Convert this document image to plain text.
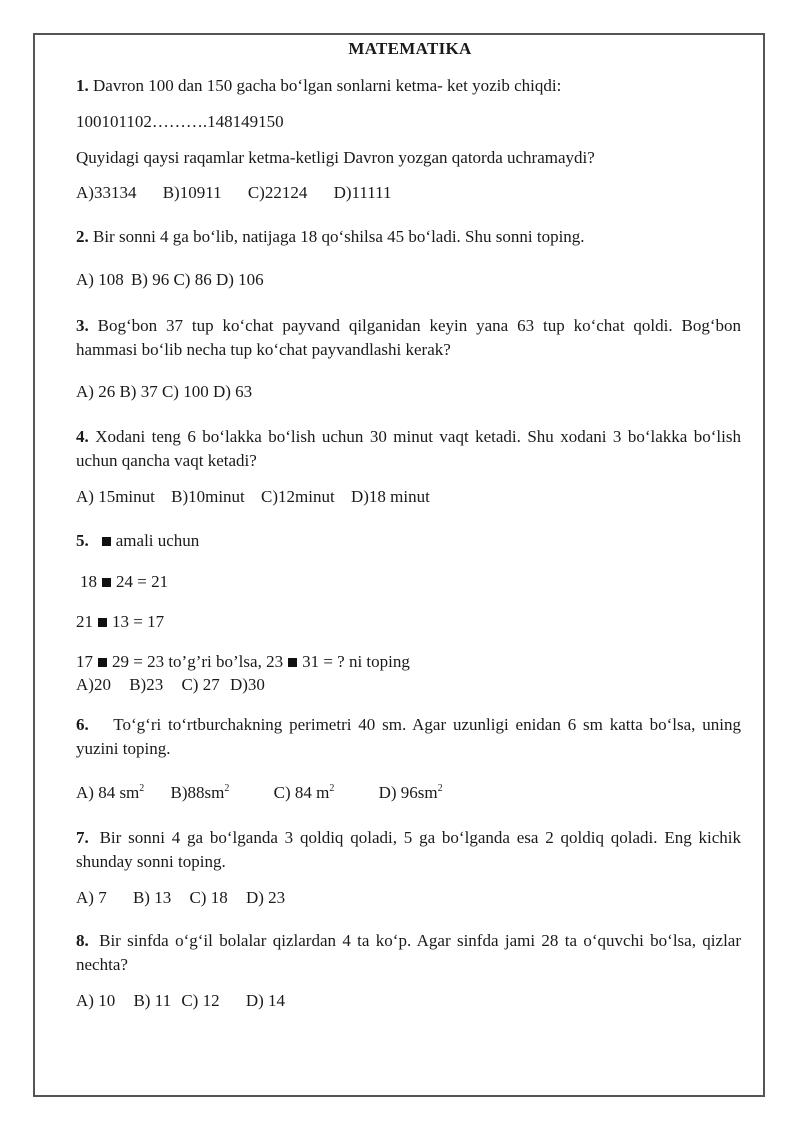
MATEMATIKA
1. Davron 100 dan 150 gacha bo‘lgan sonlarni ketma- ket yozib chiqdi:
100101102……….148149150
Quyidagi qaysi raqamlar ketma-ketligi Davron yozgan qatorda uchramaydi?
A)33134 B)10911 C)22124 D)11111
2. Bir sonni 4 ga bo‘lib, natijaga 18 qo‘shilsa 45 bo‘ladi. Shu sonni toping.
A) 108 B) 96 C) 86 D) 106
3. Bog‘bon 37 tup ko‘chat payvand qilganidan keyin yana 63 tup ko‘chat qoldi. Bog‘bon hammasi bo‘lib necha tup ko‘chat payvandlashi kerak?
A) 26 B) 37 C) 100 D) 63
4. Xodani teng 6 bo‘lakka bo‘lish uchun 30 minut vaqt ketadi. Shu xodani 3 bo‘lakka bo‘lish uchun qancha vaqt ketadi?
A) 15minut B)10minut C)12minut D)18 minut
5. amali uchun
18 24 = 21
21 13 = 17
17 29 = 23 to’g’ri bo’lsa, 23 31 = ? ni toping
A)20 B)23 C) 27 D)30
6. To‘g‘ri to‘rtburchakning perimetri 40 sm. Agar uzunligi enidan 6 sm katta bo‘lsa, uning yuzini toping.
A) 84 $sm^2$ $B)88sm^2$	C) 84 $m^2$	D) $96sm^2$
7. Bir sonni 4 ga bo‘lganda 3 qoldiq qoladi, 5 ga bo‘lganda esa 2 qoldiq qoladi. Eng kichik shunday sonni toping.
A) 7 B) 13 C) 18 D) 23
8. Bir sinfda o‘g‘il bolalar qizlardan 4 ta ko‘p. Agar sinfda jami 28 ta o‘quvchi bo‘lsa, qizlar nechta?
A) 10 B) 11 C) 12 D) 14
